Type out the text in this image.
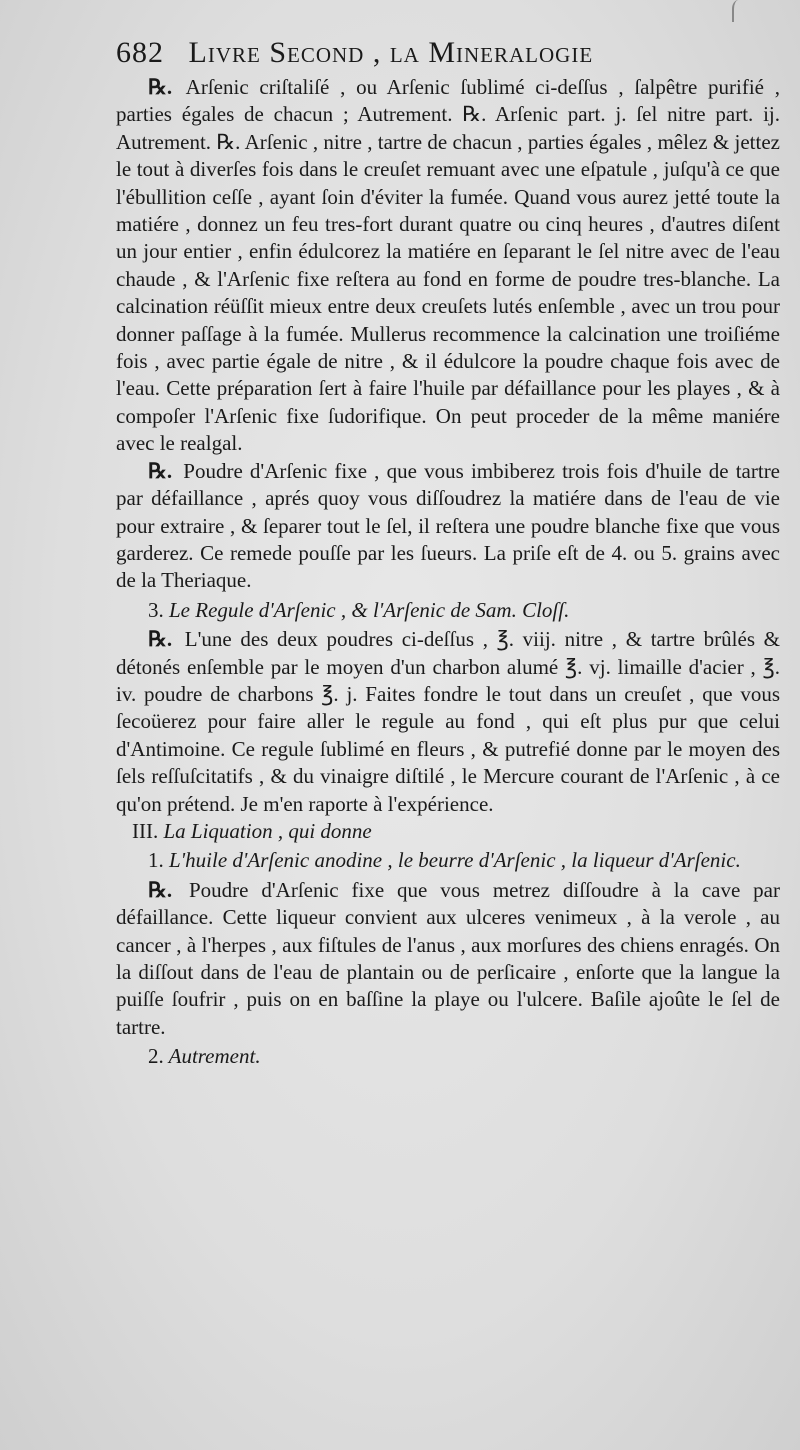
682 Livre Second , la Mineralogie

℞. Arſenic criſtaliſé , ou Arſenic ſublimé ci-deſſus , ſalpêtre purifié , parties égales de chacun ; Autrement. ℞. Arſenic part. j. ſel nitre part. ij. Autrement. ℞. Arſenic , nitre , tartre de chacun , parties égales , mêlez & jettez le tout à diverſes fois dans le creuſet remuant avec une eſpatule , juſqu'à ce que l'ébullition ceſſe , ayant ſoin d'éviter la fumée. Quand vous aurez jetté toute la matiére , donnez un feu tres-fort durant quatre ou cinq heures , d'autres diſent un jour entier , enfin édulcorez la matiére en ſeparant le ſel nitre avec de l'eau chaude , & l'Arſenic fixe reſtera au fond en forme de poudre tres-blanche. La calcination réüſſit mieux entre deux creuſets lutés enſemble , avec un trou pour donner paſſage à la fumée. Mullerus recommence la calcination une troiſiéme fois , avec partie égale de nitre , & il édulcore la poudre chaque fois avec de l'eau. Cette préparation ſert à faire l'huile par défaillance pour les playes , & à compoſer l'Arſenic fixe ſudorifique. On peut proceder de la même maniére avec le realgal.

℞. Poudre d'Arſenic fixe , que vous imbiberez trois fois d'huile de tartre par défaillance , aprés quoy vous diſſoudrez la matiére dans de l'eau de vie pour extraire , & ſeparer tout le ſel, il reſtera une poudre blanche fixe que vous garderez. Ce remede pouſſe par les ſueurs. La priſe eſt de 4. ou 5. grains avec de la Theriaque.

3. Le Regule d'Arſenic , & l'Arſenic de Sam. Cloſſ.

℞. L'une des deux poudres ci-deſſus , ℥. viij. nitre , & tartre brûlés & détonés enſemble par le moyen d'un charbon alumé ℥. vj. limaille d'acier , ℥. iv. poudre de charbons ℥. j. Faites fondre le tout dans un creuſet , que vous ſecoüerez pour faire aller le regule au fond , qui eſt plus pur que celui d'Antimoine. Ce regule ſublimé en fleurs , & putrefié donne par le moyen des ſels reſſuſcitatifs , & du vinaigre diſtilé , le Mercure courant de l'Arſenic , à ce qu'on prétend. Je m'en raporte à l'expérience.

III. La Liquation , qui donne

1. L'huile d'Arſenic anodine , le beurre d'Arſenic , la liqueur d'Arſenic.

℞. Poudre d'Arſenic fixe que vous metrez diſſoudre à la cave par défaillance. Cette liqueur convient aux ulceres venimeux , à la verole , au cancer , à l'herpes , aux fiſtules de l'anus , aux morſures des chiens enragés. On la diſſout dans de l'eau de plantain ou de perſicaire , enſorte que la langue la puiſſe ſoufrir , puis on en baſſine la playe ou l'ulcere. Baſile ajoûte le ſel de tartre.

2. Autrement.
